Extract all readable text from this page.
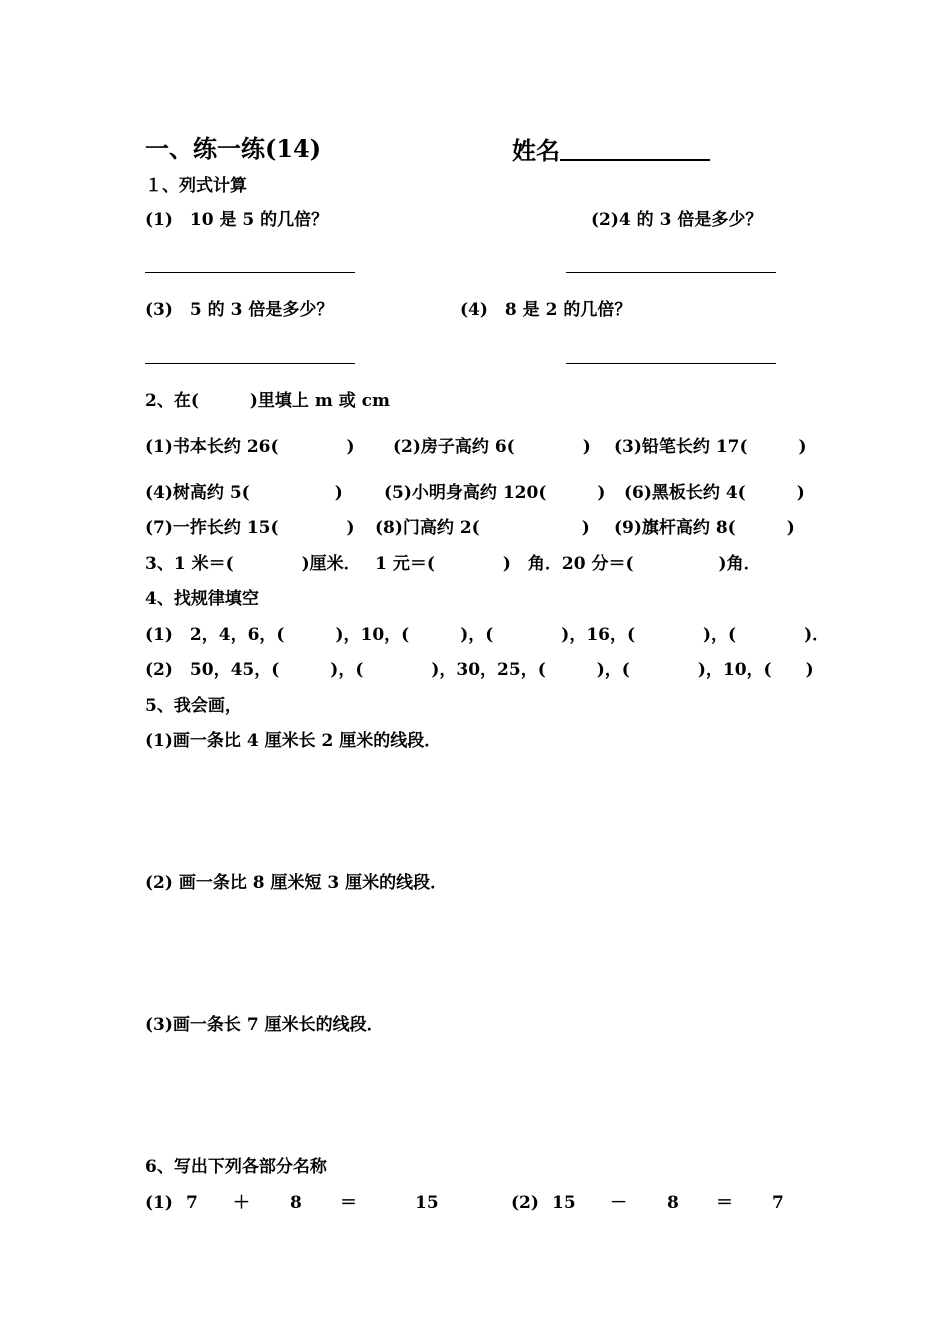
一、练一练(14)	姓名
１、列式计算
(1)　10 是 5 的几倍？	(2)4 的 3 倍是多少？
(3)　5 的 3 倍是多少？	(4)　8 是 2 的几倍？
2、在(　　　)里填上 m 或 cm
(1)书本长约 26(　　　　) (2)房子高约 6(　　　　) (3)铅笔长约 17(　　　)
(4)树高约 5(　　　　　) (5)小明身高约 120(　　　) (6)黑板长约 4(　　　)
(7)一拃长约 15(　　　　) (8)门高约 2(　　　　　　) (9)旗杆高约 8(　　　)
3、1 米＝(　　　　)厘米．　 1 元＝(　　　　)　角．20 分＝(　　　　　)角．
4、找规律填空
(1)　2，4，6，(　　　)，10，(　　　)，(　　　　)，16，(　　　　)，(　　　　)．
(2)　50，45，(　　　)，(　　　　)，30，25，(　　　)，(　　　　)，10，(　　)
5、我会画，
(1)画一条比 4 厘米长 2 厘米的线段．
(2) 画一条比 8 厘米短 3 厘米的线段．
(3)画一条长 7 厘米长的线段．
6、写出下列各部分名称
(1) 7 ＋ 8 ＝	15	(2) 15 － 8 ＝ 7
